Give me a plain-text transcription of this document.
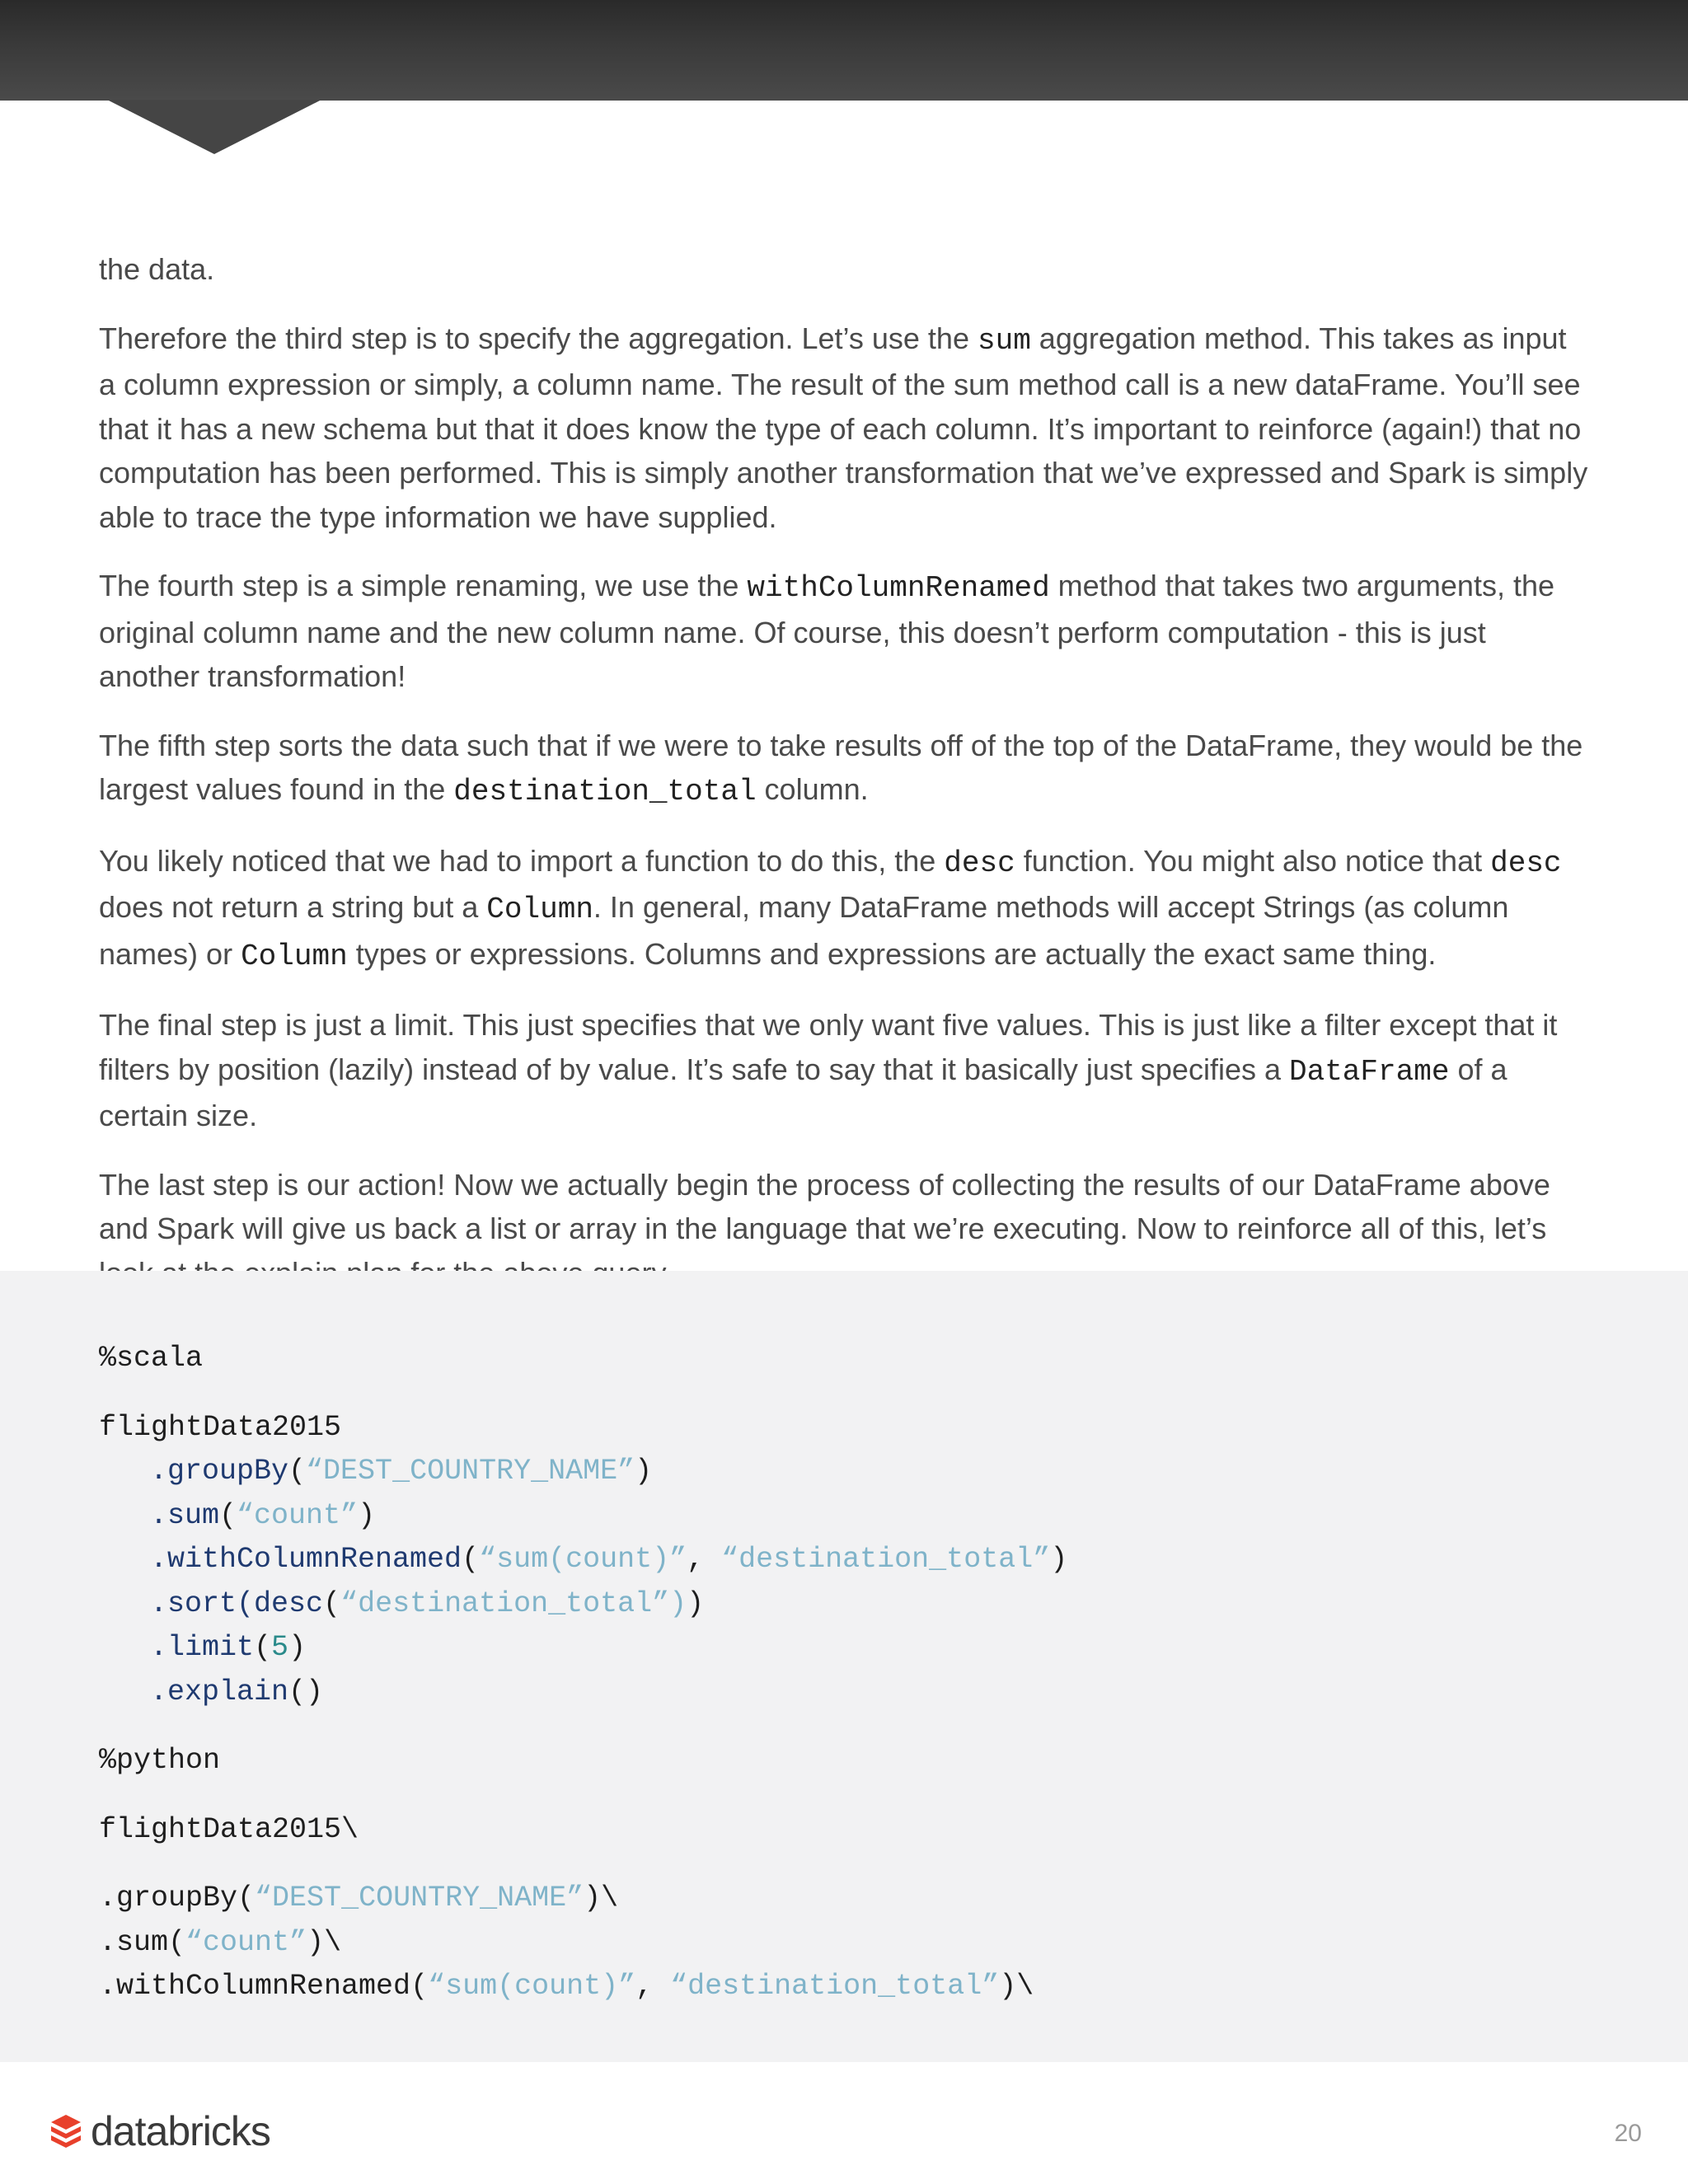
the data.

Therefore the third step is to specify the aggregation. Let’s use the sum aggregation method. This takes as input a column expression or simply, a column name. The result of the sum method call is a new dataFrame. You’ll see that it has a new schema but that it does know the type of each column. It’s important to reinforce (again!) that no computation has been performed. This is simply another transformation that we’ve expressed and Spark is simply able to trace the type information we have supplied.

The fourth step is a simple renaming, we use the withColumnRenamed method that takes two arguments, the original column name and the new column name. Of course, this doesn’t perform computation - this is just another transformation!

The fifth step sorts the data such that if we were to take results off of the top of the DataFrame, they would be the largest values found in the destination_total column.

You likely noticed that we had to import a function to do this, the desc function. You might also notice that desc does not return a string but a Column. In general, many DataFrame methods will accept Strings (as column names) or Column types or expressions. Columns and expressions are actually the exact same thing.

The final step is just a limit. This just specifies that we only want five values. This is just like a filter except that it filters by position (lazily) instead of by value. It’s safe to say that it basically just specifies a DataFrame of a certain size.

The last step is our action! Now we actually begin the process of collecting the results of our DataFrame above and Spark will give us back a list or array in the language that we’re executing. Now to reinforce all of this, let’s

%scala
flightData2015
.groupBy(“DEST_COUNTRY_NAME”)
.sum(“count”)
.withColumnRenamed(“sum(count)”, “destination_total”)
.sort(desc(“destination_total”))
.limit(5)
.explain()
%python
flightData2015\
.groupBy(“DEST_COUNTRY_NAME”)\
.sum(“count”)\
.withColumnRenamed(“sum(count)”, “destination_total”)\
databricks	20
